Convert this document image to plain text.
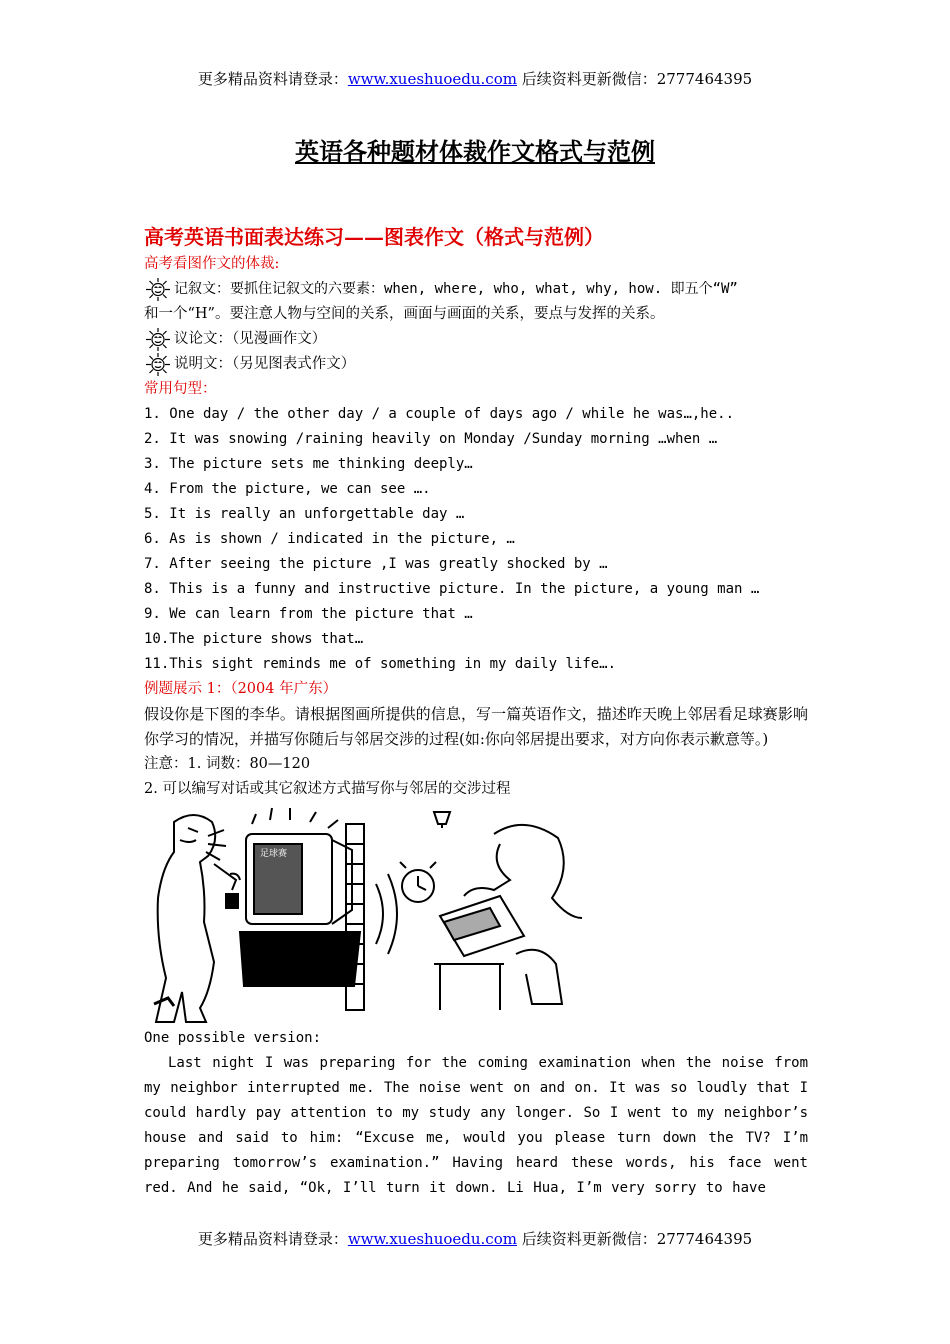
更多精品资料请登录：www.xueshuoedu.com 后续资料更新微信：2777464395
英语各种题材体裁作文格式与范例
高考英语书面表达练习——图表作文（格式与范例）
高考看图作文的体裁:
记叙文：要抓住记叙文的六要素：when, where, who, what, why, how. 即五个“W”
和一个“H”。要注意人物与空间的关系，画面与画面的关系，要点与发挥的关系。
议论文：（见漫画作文）
说明文：（另见图表式作文）
常用句型：
1. One day / the other day / a couple of days ago / while he was…,he..
2. It was snowing /raining heavily on Monday /Sunday morning …when …
3. The picture sets me thinking deeply…
4. From the picture, we can see ….
5. It is really an unforgettable day …
6. As is shown / indicated in the picture, …
7. After seeing the picture ,I was greatly shocked by …
8. This is a funny and instructive picture. In the picture, a young man …
9. We can learn from the picture that …
10.The picture shows that…
11.This sight reminds me of something in my daily life….
例题展示 1：（2004 年广东）
假设你是下图的李华。请根据图画所提供的信息，写一篇英语作文，描述昨天晚上邻居看足球赛影响你学习的情况，并描写你随后与邻居交涉的过程(如:你向邻居提出要求，对方向你表示歉意等。)
注意：1. 词数：80—120
2. 可以编写对话或其它叙述方式描写你与邻居的交涉过程
足球赛
One possible version:
Last night I was preparing for the coming examination when the noise from my neighbor interrupted me. The noise went on and on. It was so loudly that I could hardly pay attention to my study any longer. So I went to my neighbor’s house and said to him: “Excuse me, would you please turn down the TV? I’m preparing tomorrow’s examination.” Having heard these words, his face went red. And he said, “Ok, I’ll turn it down. Li Hua, I’m very sorry to have
更多精品资料请登录：www.xueshuoedu.com 后续资料更新微信：2777464395
